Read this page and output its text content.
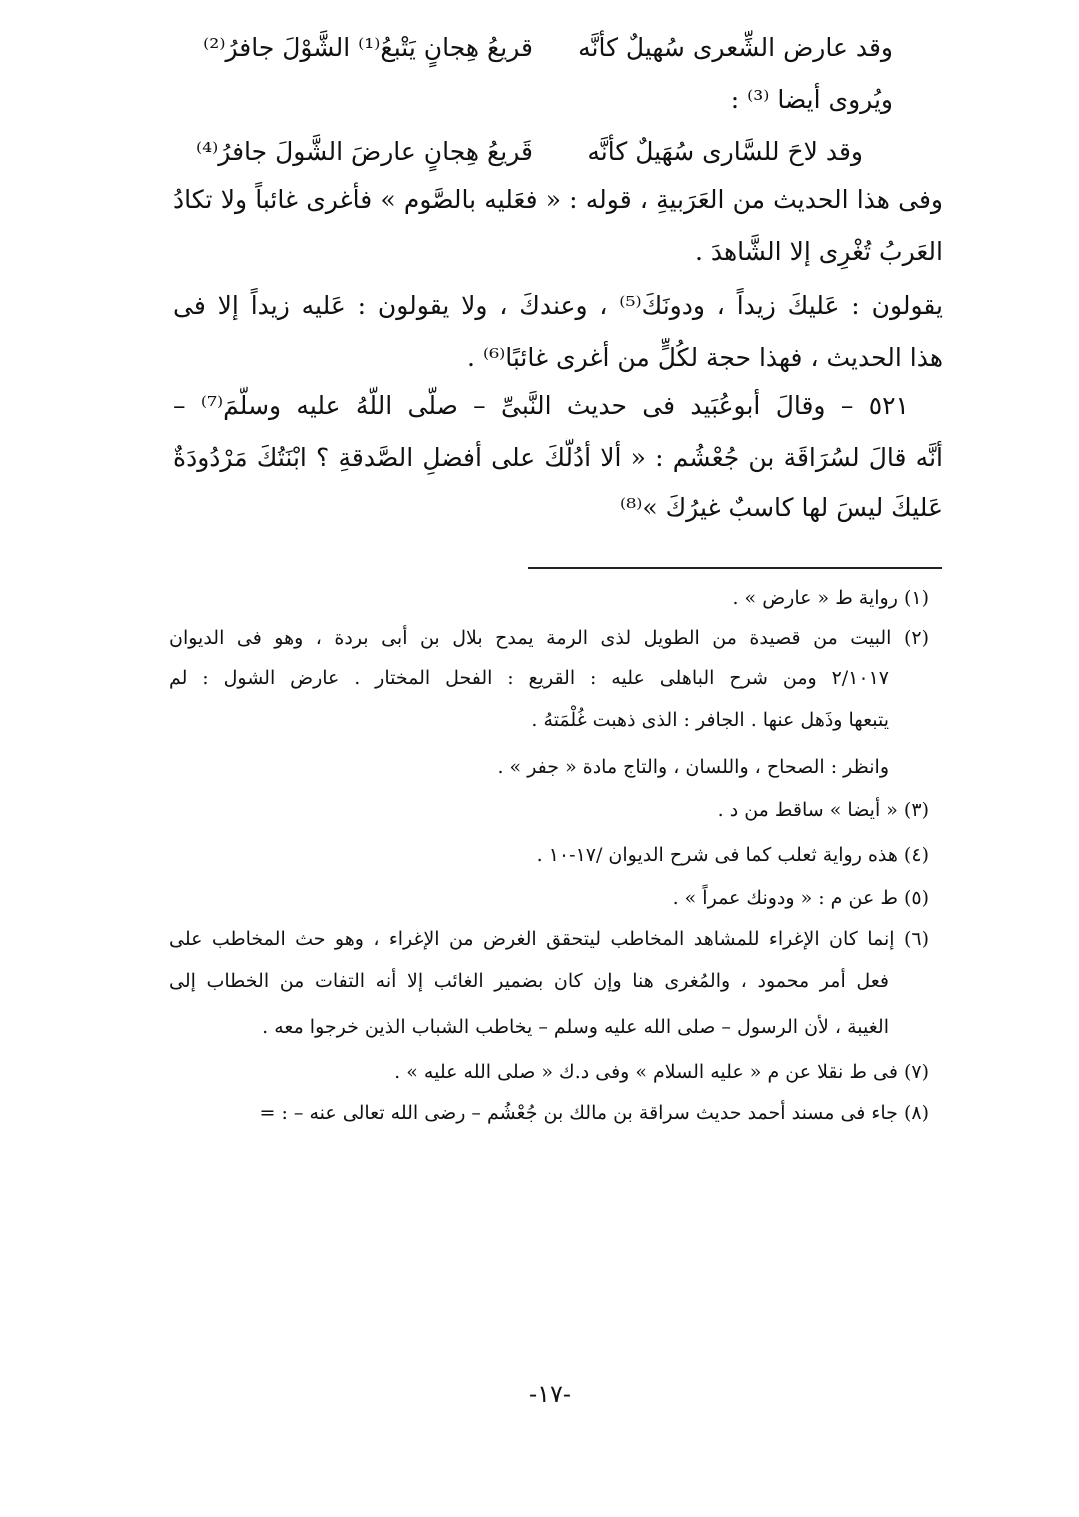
وقد عارض الشِّعرى سُهيلٌ كأنَّه
قريعُ هِجانٍ يَتْبعُ⁽¹⁾ الشَّوْلَ جافرُ⁽²⁾
ويُروى أيضا ⁽³⁾ :
وقد لاحَ للسَّارى سُهَيلٌ كأنَّه
قَريعُ هِجانٍ عارضَ الشَّولَ جافرُ⁽⁴⁾
وفى هذا الحديث من العَرَبيةِ ، قوله : « فعَليه بالصَّوم » فأغرى غائباً ولا تكادُ
العَربُ تُغْرِى إلا الشَّاهدَ .
يقولون : عَليكَ زيداً ، ودونَكَ⁽⁵⁾ ، وعندكَ ، ولا يقولون : عَليه زيداً إلا فى
هذا الحديث ، فهذا حجة لكُلٍّ من أغرى غائبًا⁽⁶⁾ .
٥٢١ – وقالَ أبوعُبَيد فى حديث النَّبىِّ – صلَّى اللَّهُ عليه وسلَّمَ⁽⁷⁾ –
أنَّه قالَ لسُرَاقَة بن جُعْشُم : « ألا أدُلُّكَ على أفضلِ الصَّدقةِ ؟ ابْنَتُكَ مَرْدُودَةٌ
عَليكَ ليسَ لها كاسبٌ غيرُكَ »⁽⁸⁾
(١) رواية ط « عارض » .
(٢) البيت من قصيدة من الطويل لذى الرمة يمدح بلال بن أبى بردة ، وهو فى الديوان
٢/١٠١٧ ومن شرح الباهلى عليه : القريع : الفحل المختار . عارض الشول : لم
يتبعها وذَهل عنها . الجافر : الذى ذهبت غُلْمَتهُ .
وانظر : الصحاح ، واللسان ، والتاج مادة « جفر » .
(٣) « أيضا » ساقط من د .
(٤) هذه رواية ثعلب كما فى شرح الديوان /١٧-١٠ .
(٥) ط عن م : « ودونك عمراً » .
(٦) إنما كان الإغراء للمشاهد المخاطب ليتحقق الغرض من الإغراء ، وهو حث المخاطب على
فعل أمر محمود ، والمُغرى هنا وإن كان بضمير الغائب إلا أنه التفات من الخطاب إلى
الغيبة ، لأن الرسول – صلى الله عليه وسلم – يخاطب الشباب الذين خرجوا معه .
(٧) فى ط نقلا عن م « عليه السلام » وفى د.ك « صلى الله عليه » .
(٨) جاء فى مسند أحمد حديث سراقة بن مالك بن جُعْشُم – رضى الله تعالى عنه – : =
-١٧-
